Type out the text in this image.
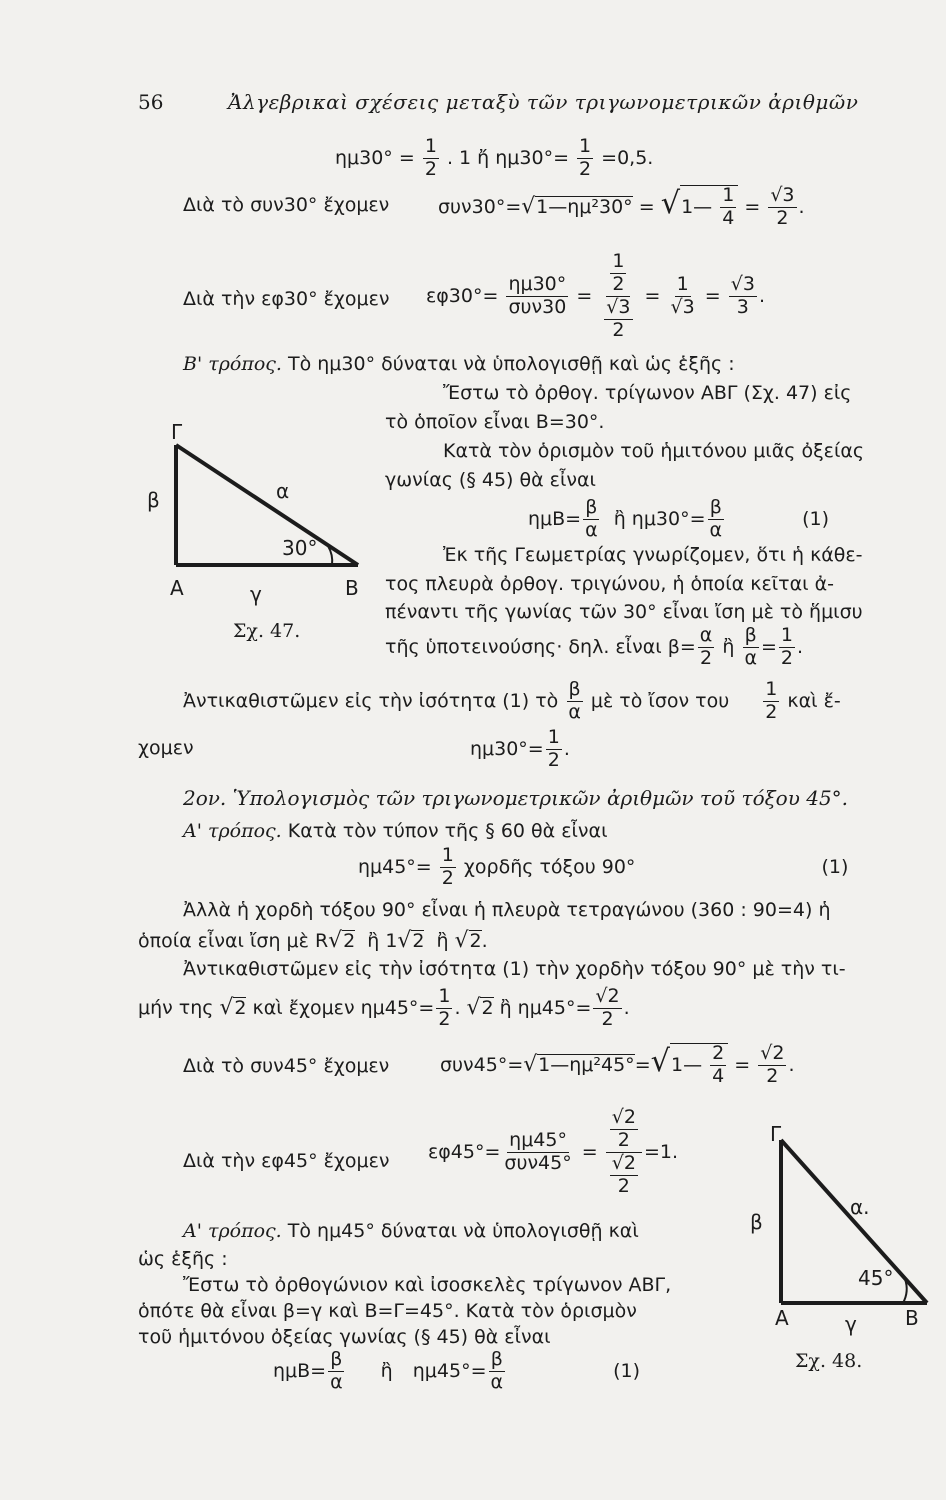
56	Ἀλγεβρικαὶ σχέσεις μεταξὺ τῶν τριγωνομετρικῶν ἀριθμῶν
$\eta\mu 30^\circ = \frac{1}{2}$ . 1 ἤ $\eta\mu 30^\circ= \frac{1}{2} =0,5$.
Διὰ τὸ συν30° ἔχομεν	συν30°=√1—ημ²30° = √1— $\frac{1}{4} = \frac{√3}{2}$ .
Διὰ τὴν εφ30° ἔχομεν $\varepsilon\varphi 30^\circ= \frac{\eta\mu 30^\circ}{\text{συν30}} = \frac{\frac{1}{2}}{\frac{√3}{2}} = \frac{1}{√3} = \frac{√3}{3}$ .
Β' τρόπος. Τὸ ημ30° δύναται νὰ ὑπολογισθῇ καὶ ὡς ἑξῆς :
Ἔστω τὸ ὀρθογ. τρίγωνον ΑΒΓ (Σχ. 47) εἰς
τὸ ὁποῖον εἶναι Β=30°.
Κατὰ τὸν ὁρισμὸν τοῦ ἡμιτόνου μιᾶς ὀξείας
γωνίας (§ 45) θὰ εἶναι
$\eta\mu B= \frac{\beta}{\alpha}$ ἢ $\eta\mu 30^\circ= \frac{\beta}{\alpha}$	(1)
Ἐκ τῆς Γεωμετρίας γνωρίζομεν, ὅτι ἡ κάθε-
τος πλευρὰ ὀρθογ. τριγώνου, ἡ ὁποία κεῖται ἀ-
πέναντι τῆς γωνίας τῶν 30° εἶναι ἴση μὲ τὸ ἥμισυ
τῆς ὑποτεινούσης· δηλ. εἶναι $\beta= \frac{\alpha}{2}$ ἢ $\frac{\beta}{\alpha} = \frac{1}{2}$ .
Ἀντικαθιστῶμεν εἰς τὴν ἰσότητα (1) τὸ $\frac{\beta}{\alpha}$ μὲ τὸ ἴσον του $\frac{1}{2}$ καὶ ἔ-
χομεν	$\eta\mu 30^\circ= \frac{1}{2}$ .
Γ
β	α
30°
Α	γ	Β
Σχ. 47.
2ον. Ὑπολογισμὸς τῶν τριγωνομετρικῶν ἀριθμῶν τοῦ τόξου 45°.
Α' τρόπος. Κατὰ τὸν τύπον τῆς § 60 θὰ εἶναι
$\eta\mu 45^\circ= \frac{1}{2}$ χορδῆς τόξου 90°	(1)
Ἀλλὰ ἡ χορδὴ τόξου 90° εἶναι ἡ πλευρὰ τετραγώνου (360 : 90=4) ἡ
ὁποία εἶναι ἴση μὲ R√2 ἢ 1√2 ἢ √2.
Ἀντικαθιστῶμεν εἰς τὴν ἰσότητα (1) τὴν χορδὴν τόξου 90° μὲ τὴν τι-
μήν της √2 καὶ ἔχομεν $\eta\mu 45^\circ= \frac{1}{2}$ . √2 ἢ $\eta\mu 45^\circ= \frac{√2}{2}$ .
Διὰ τὸ συν45° ἔχομεν	συν45°=√1—ημ²45°=√1— $\frac{2}{4} = \frac{√2}{2}$ .
Διὰ τὴν εφ45° ἔχομεν $\varepsilon\varphi 45^\circ= \frac{\eta\mu 45^\circ}{\text{συν45°}} = \frac{\frac{√2}{2}}{\frac{√2}{2}} =1$.
Α' τρόπος. Τὸ ημ45° δύναται νὰ ὑπολογισθῇ καὶ
ὡς ἑξῆς :
Ἔστω τὸ ὀρθογώνιον καὶ ἰσοσκελὲς τρίγωνον ΑΒΓ,
ὁπότε θὰ εἶναι β=γ καὶ Β=Γ=45°. Κατὰ τὸν ὁρισμὸν
τοῦ ἡμιτόνου ὀξείας γωνίας (§ 45) θὰ εἶναι
$\eta\mu B= \frac{\beta}{\alpha}$ ἢ $\eta\mu 45^\circ= \frac{\beta}{\alpha}$	(1)
Γ
β
α.
45°
Α	γ Β
Σχ. 48.
